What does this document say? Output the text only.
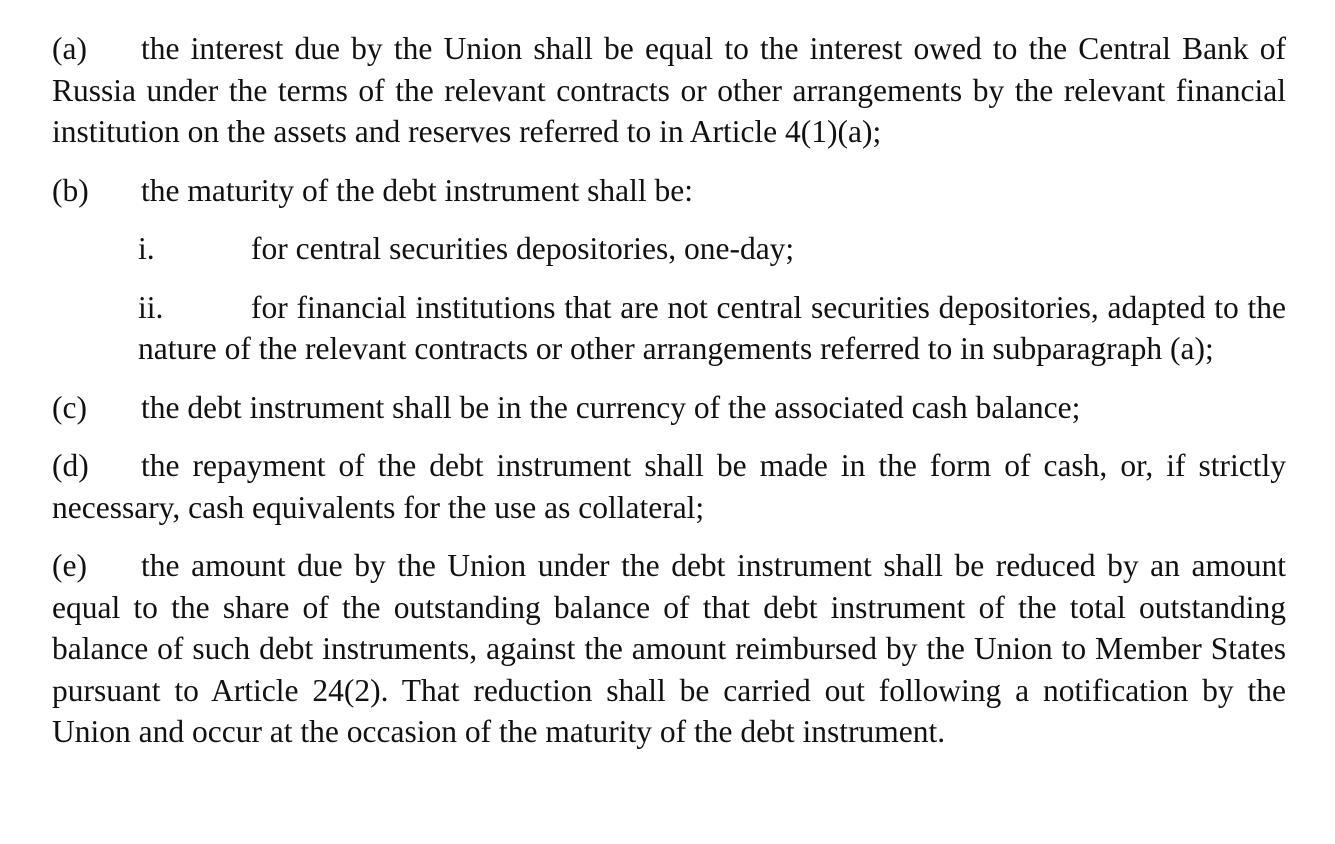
(a) the interest due by the Union shall be equal to the interest owed to the Central Bank of Russia under the terms of the relevant contracts or other arrangements by the relevant financial institution on the assets and reserves referred to in Article 4(1)(a);

(b) the maturity of the debt instrument shall be:

i.	for central securities depositories, one-day;

ii.	for financial institutions that are not central securities depositories, adapted to the nature of the relevant contracts or other arrangements referred to in subparagraph (a);

(c) the debt instrument shall be in the currency of the associated cash balance;

(d) the repayment of the debt instrument shall be made in the form of cash, or, if strictly necessary, cash equivalents for the use as collateral;

(e) the amount due by the Union under the debt instrument shall be reduced by an amount equal to the share of the outstanding balance of that debt instrument of the total outstanding balance of such debt instruments, against the amount reimbursed by the Union to Member States pursuant to Article 24(2). That reduction shall be carried out following a notification by the Union and occur at the occasion of the maturity of the debt instrument.
